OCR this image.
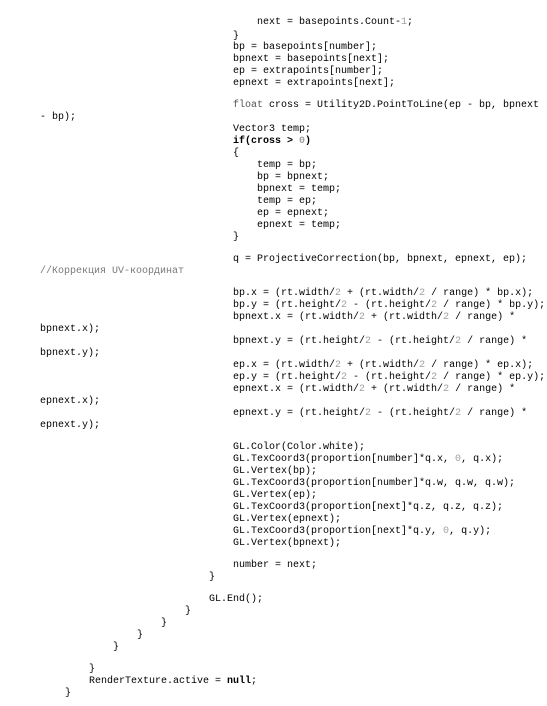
next = basepoints.Count-1;
}
bp = basepoints[number];
bpnext = basepoints[next];
ep = extrapoints[number];
epnext = extrapoints[next];
float cross = Utility2D.PointToLine(ep - bp, bpnext
- bp);
Vector3 temp;
if(cross > 0)
{
temp = bp;
bp = bpnext;
bpnext = temp;
temp = ep;
ep = epnext;
epnext = temp;
}
q = ProjectiveCorrection(bp, bpnext, epnext, ep);
//Коррекция UV-координат
bp.x = (rt.width/2 + (rt.width/2 / range) * bp.x);
bp.y = (rt.height/2 - (rt.height/2 / range) * bp.y);
bpnext.x = (rt.width/2 + (rt.width/2 / range) *
bpnext.x);
bpnext.y = (rt.height/2 - (rt.height/2 / range) *
bpnext.y);
ep.x = (rt.width/2 + (rt.width/2 / range) * ep.x);
ep.y = (rt.height/2 - (rt.height/2 / range) * ep.y);
epnext.x = (rt.width/2 + (rt.width/2 / range) *
epnext.x);
epnext.y = (rt.height/2 - (rt.height/2 / range) *
epnext.y);
GL.Color(Color.white);
GL.TexCoord3(proportion[number]*q.x, 0, q.x);
GL.Vertex(bp);
GL.TexCoord3(proportion[number]*q.w, q.w, q.w);
GL.Vertex(ep);
GL.TexCoord3(proportion[next]*q.z, q.z, q.z);
GL.Vertex(epnext);
GL.TexCoord3(proportion[next]*q.y, 0, q.y);
GL.Vertex(bpnext);
number = next;
}
GL.End();
}
}
}
}
}
RenderTexture.active = null;
}
